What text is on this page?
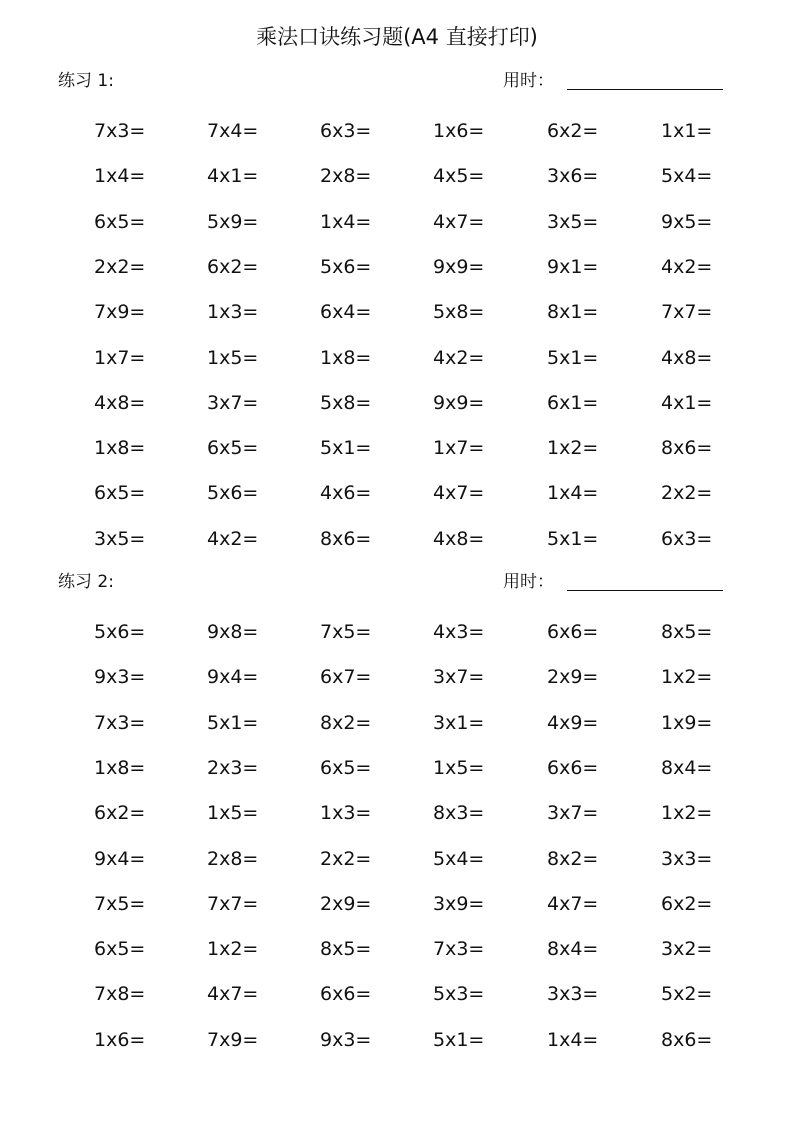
乘法口诀练习题(A4 直接打印)
练习 1:	用时：
7x3=	7x4=	6x3=	1x6=	6x2=	1x1=
1x4=	4x1=	2x8=	4x5=	3x6=	5x4=
6x5=	5x9=	1x4=	4x7=	3x5=	9x5=
2x2=	6x2=	5x6=	9x9=	9x1=	4x2=
7x9=	1x3=	6x4=	5x8=	8x1=	7x7=
1x7=	1x5=	1x8=	4x2=	5x1=	4x8=
4x8=	3x7=	5x8=	9x9=	6x1=	4x1=
1x8=	6x5=	5x1=	1x7=	1x2=	8x6=
6x5=	5x6=	4x6=	4x7=	1x4=	2x2=
3x5=	4x2=	8x6=	4x8=	5x1=	6x3=
练习 2:	用时：
5x6=	9x8=	7x5=	4x3=	6x6=	8x5=
9x3=	9x4=	6x7=	3x7=	2x9=	1x2=
7x3=	5x1=	8x2=	3x1=	4x9=	1x9=
1x8=	2x3=	6x5=	1x5=	6x6=	8x4=
6x2=	1x5=	1x3=	8x3=	3x7=	1x2=
9x4=	2x8=	2x2=	5x4=	8x2=	3x3=
7x5=	7x7=	2x9=	3x9=	4x7=	6x2=
6x5=	1x2=	8x5=	7x3=	8x4=	3x2=
7x8=	4x7=	6x6=	5x3=	3x3=	5x2=
1x6=	7x9=	9x3=	5x1=	1x4=	8x6=
